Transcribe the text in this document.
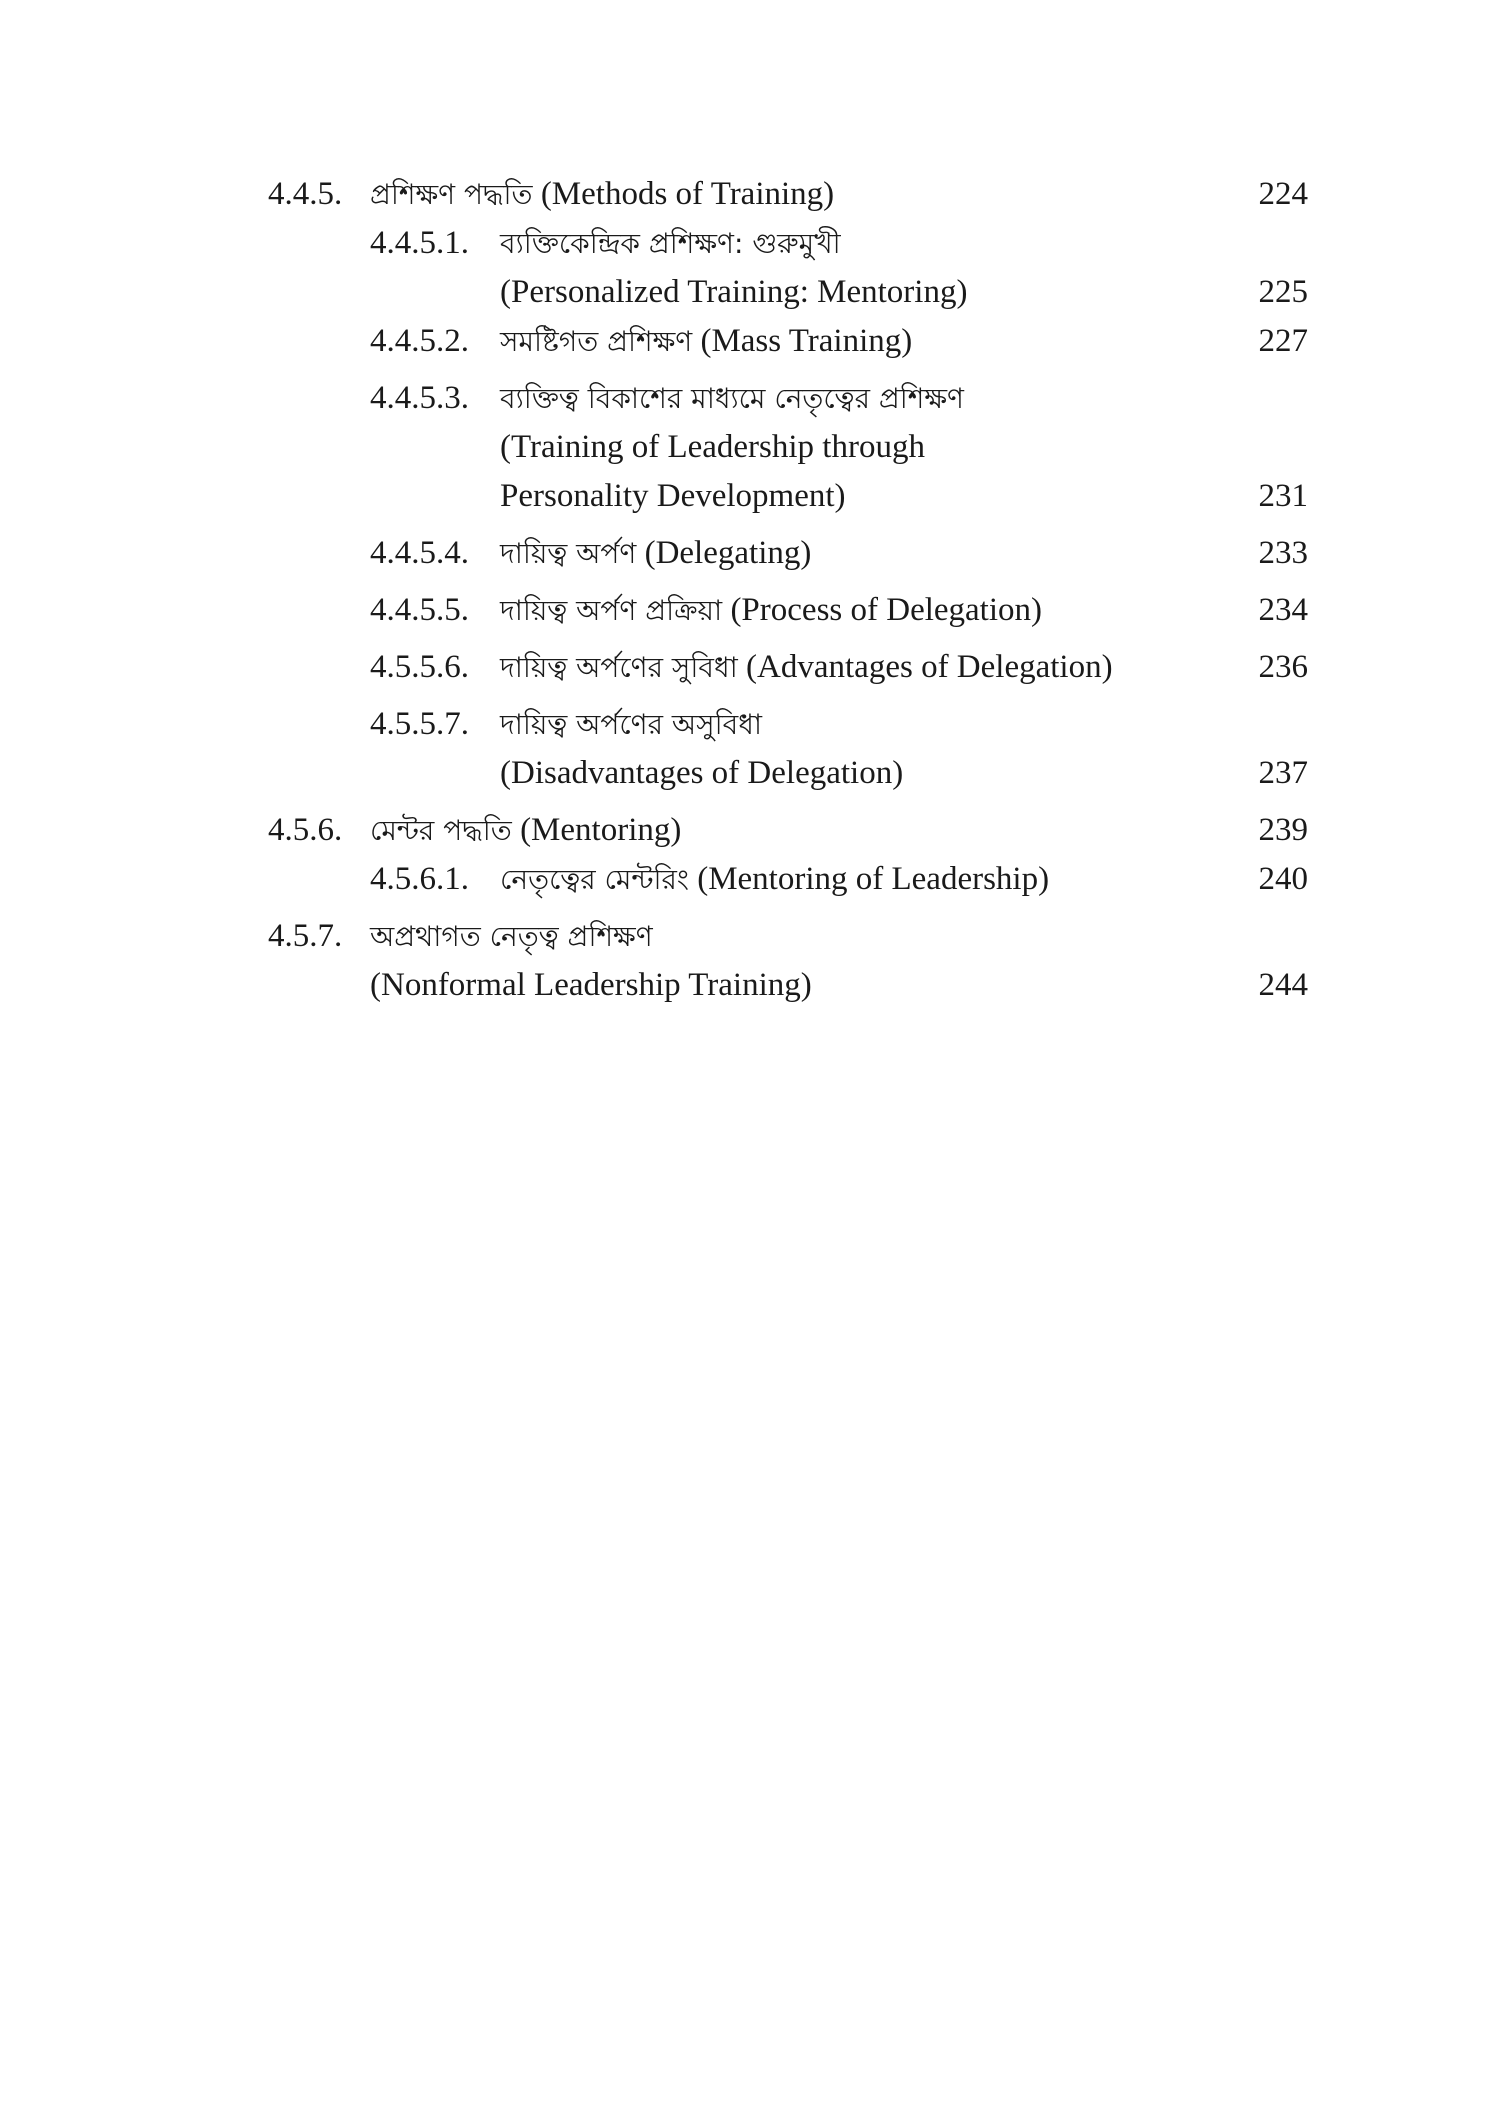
4.4.5. প্রশিক্ষণ পদ্ধতি (Methods of Training)	224
4.4.5.1.	ব্যক্তিকেন্দ্রিক প্রশিক্ষণ: গুরুমুখী
(Personalized Training: Mentoring)	225
4.4.5.2.	সমষ্টিগত প্রশিক্ষণ (Mass Training)	227
4.4.5.3.	ব্যক্তিত্ব বিকাশের মাধ্যমে নেতৃত্বের প্রশিক্ষণ
(Training of Leadership through
Personality Development)	231
4.4.5.4.	দায়িত্ব অর্পণ (Delegating)	233
4.4.5.5.	দায়িত্ব অর্পণ প্রক্রিয়া (Process of Delegation)	234
4.5.5.6.	দায়িত্ব অর্পণের সুবিধা (Advantages of Delegation)	236
4.5.5.7.	দায়িত্ব অর্পণের অসুবিধা
(Disadvantages of Delegation)	237
4.5.6. মেন্টর পদ্ধতি (Mentoring)	239
4.5.6.1.	নেতৃত্বের মেন্টরিং (Mentoring of Leadership)	240
4.5.7. অপ্রথাগত নেতৃত্ব প্রশিক্ষণ
(Nonformal Leadership Training)	244
